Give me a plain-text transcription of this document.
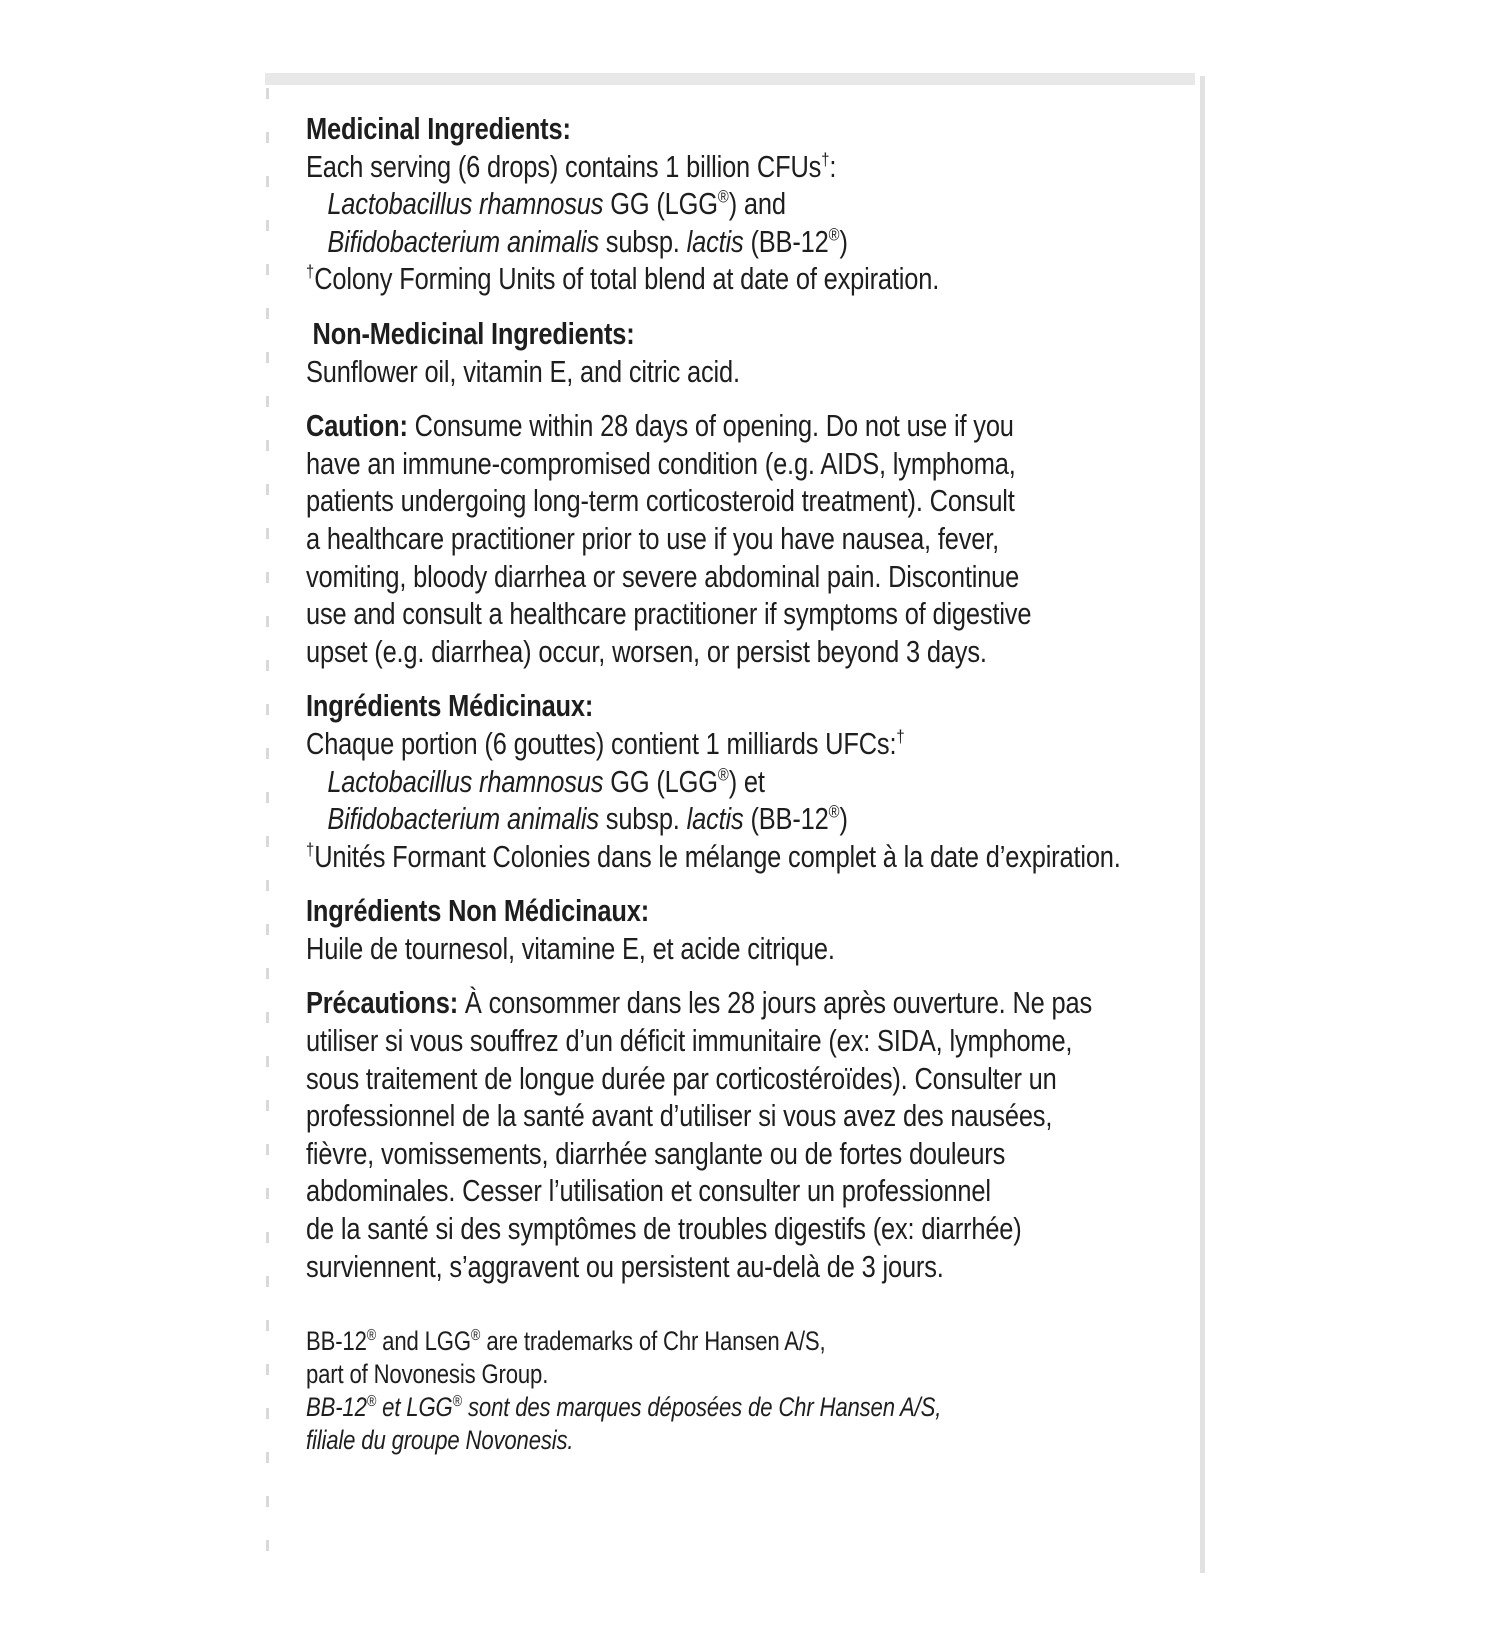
Medicinal Ingredients:
Each serving (6 drops) contains 1 billion CFUs†:
Lactobacillus rhamnosus GG (LGG®) and
Bifidobacterium animalis subsp. lactis (BB-12®)
†Colony Forming Units of total blend at date of expiration.
Non-Medicinal Ingredients:
Sunflower oil, vitamin E, and citric acid.
Caution: Consume within 28 days of opening. Do not use if you
have an immune-compromised condition (e.g. AIDS, lymphoma,
patients undergoing long-term corticosteroid treatment). Consult
a healthcare practitioner prior to use if you have nausea, fever,
vomiting, bloody diarrhea or severe abdominal pain. Discontinue
use and consult a healthcare practitioner if symptoms of digestive
upset (e.g. diarrhea) occur, worsen, or persist beyond 3 days.
Ingrédients Médicinaux:
Chaque portion (6 gouttes) contient 1 milliards UFCs:†
Lactobacillus rhamnosus GG (LGG®) et
Bifidobacterium animalis subsp. lactis (BB-12®)
†Unités Formant Colonies dans le mélange complet à la date d’expiration.
Ingrédients Non Médicinaux:
Huile de tournesol, vitamine E, et acide citrique.
Précautions: À consommer dans les 28 jours après ouverture. Ne pas
utiliser si vous souffrez d’un déficit immunitaire (ex: SIDA, lymphome,
sous traitement de longue durée par corticostéroïdes). Consulter un
professionnel de la santé avant d’utiliser si vous avez des nausées,
fièvre, vomissements, diarrhée sanglante ou de fortes douleurs
abdominales. Cesser l’utilisation et consulter un professionnel
de la santé si des symptômes de troubles digestifs (ex: diarrhée)
surviennent, s’aggravent ou persistent au-delà de 3 jours.
BB-12® and LGG® are trademarks of Chr Hansen A/S,
part of Novonesis Group.
BB-12® et LGG® sont des marques déposées de Chr Hansen A/S,
filiale du groupe Novonesis.
